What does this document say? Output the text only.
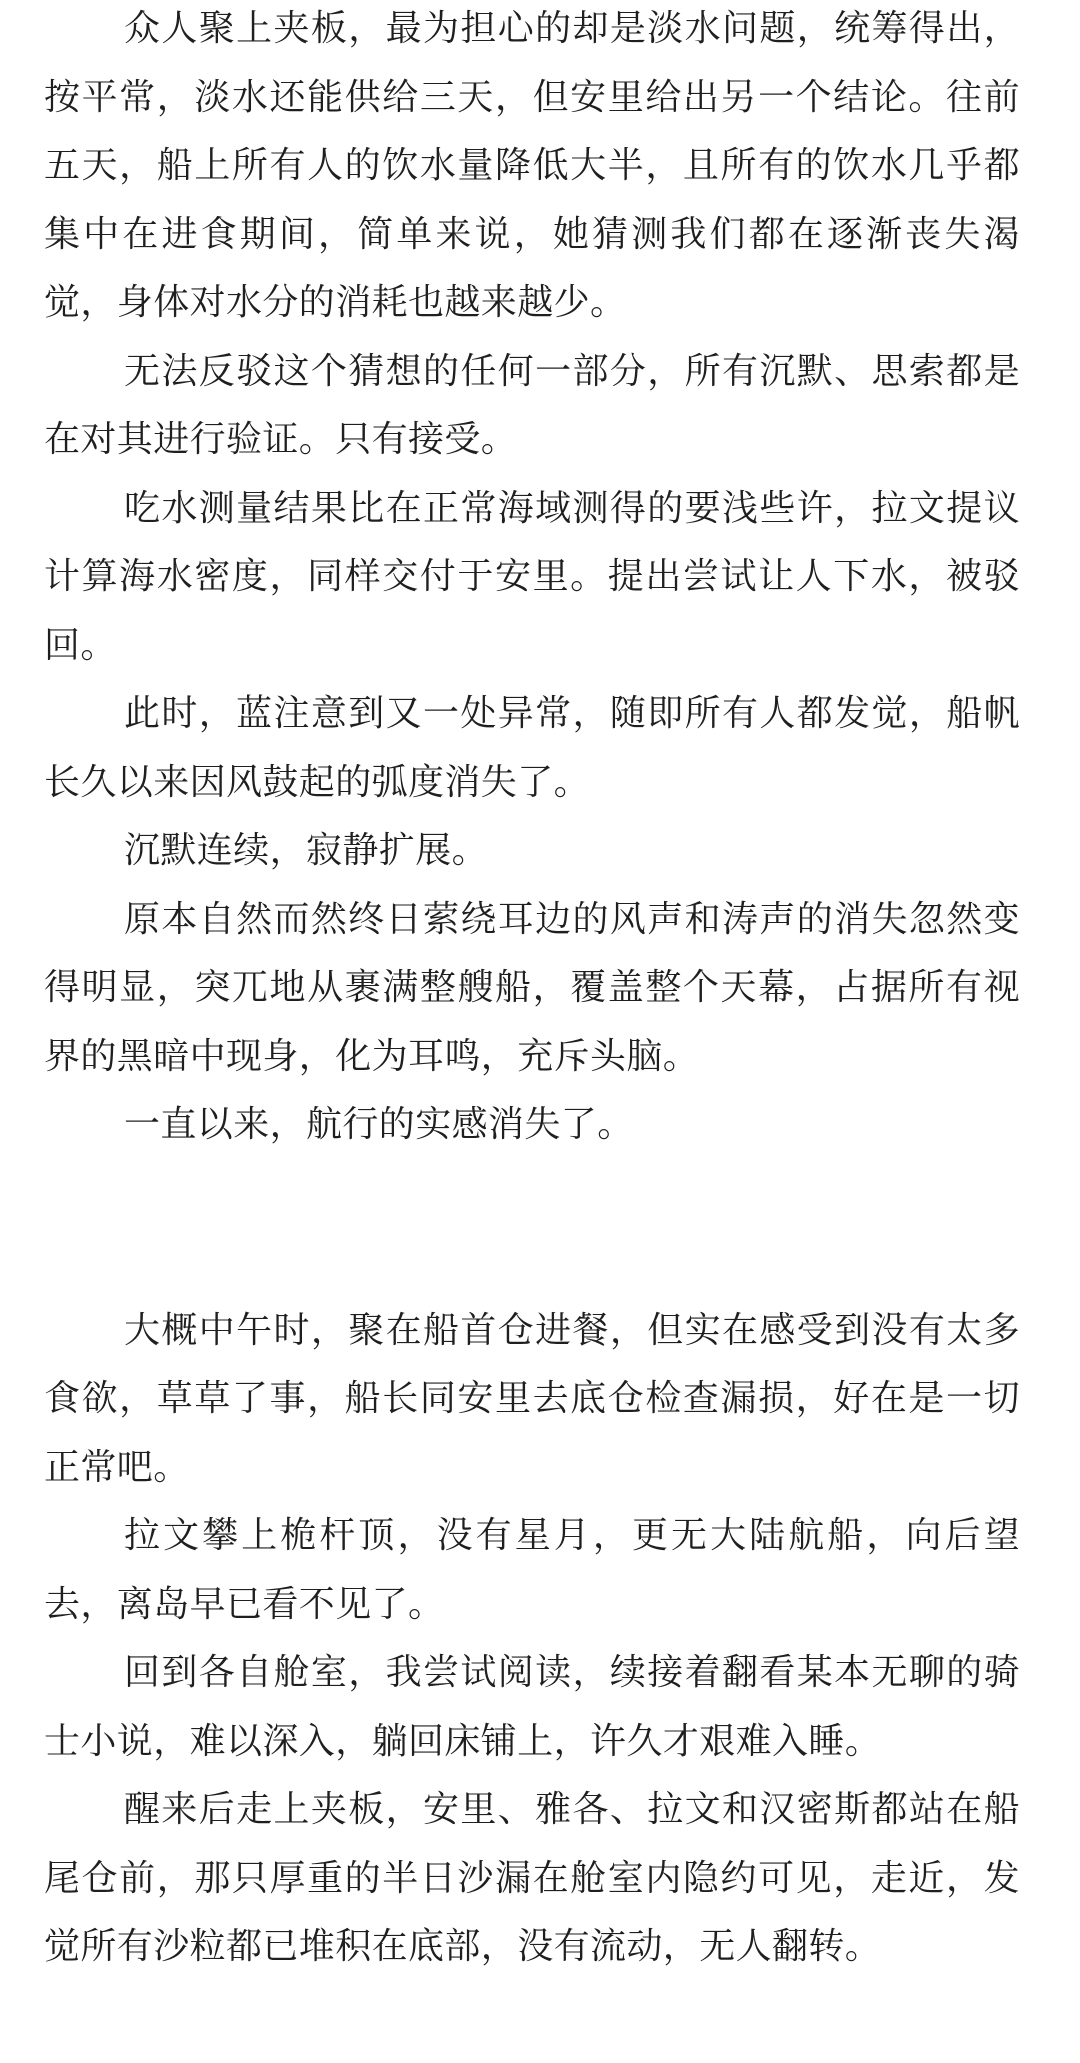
众人聚上夹板，最为担心的却是淡水问题，统筹得出，按平常，淡水还能供给三天，但安里给出另一个结论。往前五天，船上所有人的饮水量降低大半，且所有的饮水几乎都集中在进食期间，简单来说，她猜测我们都在逐渐丧失渴觉，身体对水分的消耗也越来越少。

无法反驳这个猜想的任何一部分，所有沉默、思索都是在对其进行验证。只有接受。

吃水测量结果比在正常海域测得的要浅些许，拉文提议计算海水密度，同样交付于安里。提出尝试让人下水，被驳回。

此时，蓝注意到又一处异常，随即所有人都发觉，船帆长久以来因风鼓起的弧度消失了。

沉默连续，寂静扩展。

原本自然而然终日萦绕耳边的风声和涛声的消失忽然变得明显，突兀地从裹满整艘船，覆盖整个天幕，占据所有视界的黑暗中现身，化为耳鸣，充斥头脑。

一直以来，航行的实感消失了。

大概中午时，聚在船首仓进餐，但实在感受到没有太多食欲，草草了事，船长同安里去底仓检查漏损，好在是一切正常吧。

拉文攀上桅杆顶，没有星月，更无大陆航船，向后望去，离岛早已看不见了。

回到各自舱室，我尝试阅读，续接着翻看某本无聊的骑士小说，难以深入，躺回床铺上，许久才艰难入睡。

醒来后走上夹板，安里、雅各、拉文和汉密斯都站在船尾仓前，那只厚重的半日沙漏在舱室内隐约可见，走近，发觉所有沙粒都已堆积在底部，没有流动，无人翻转。
